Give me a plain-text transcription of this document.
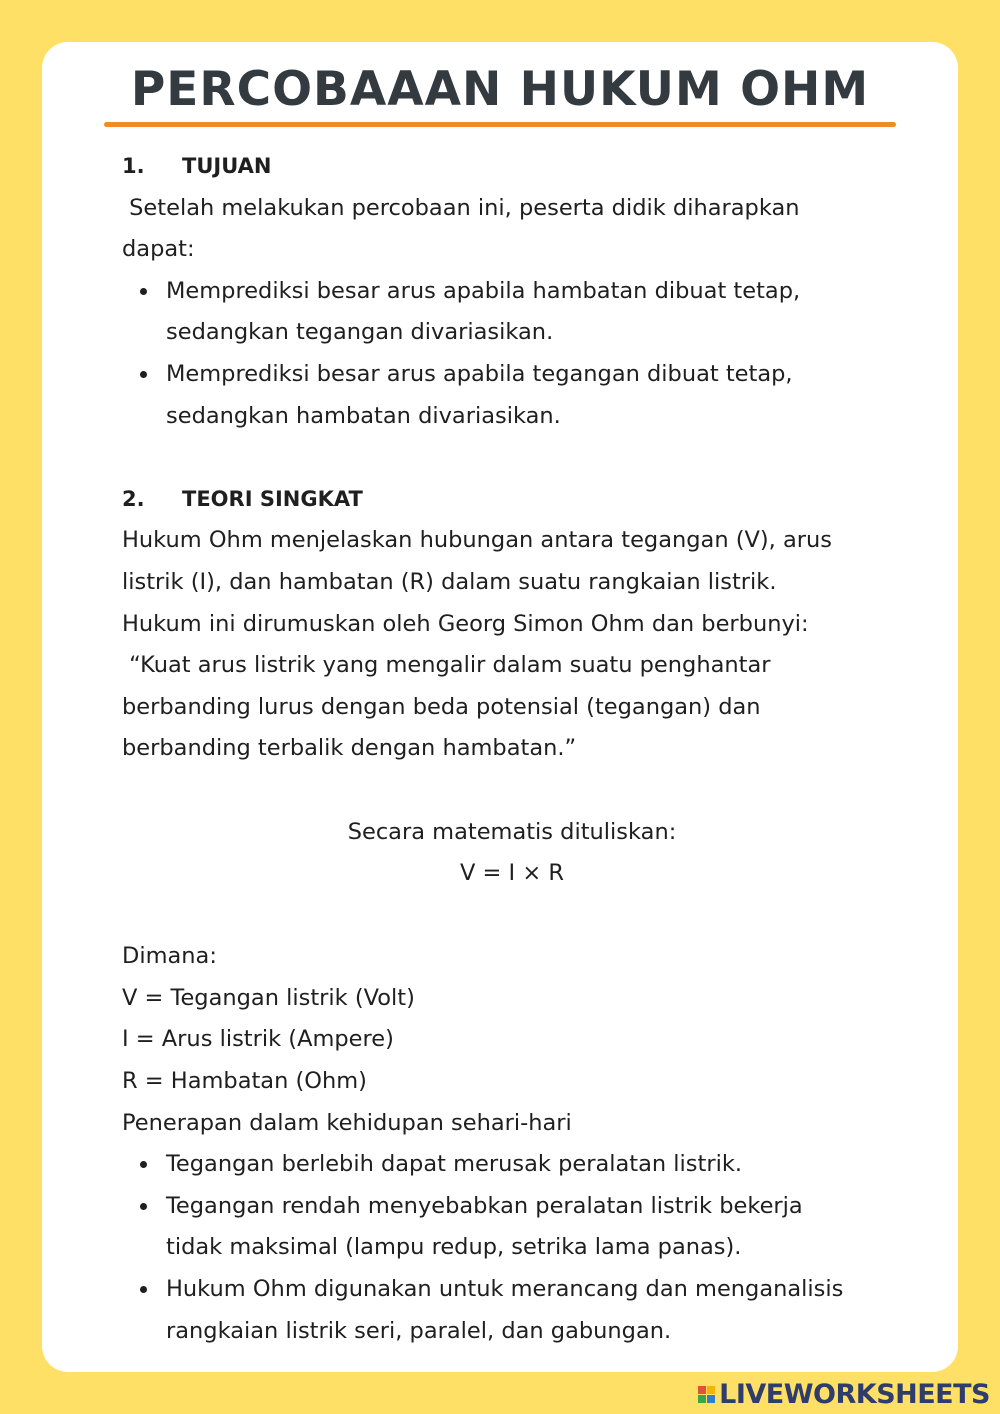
PERCOBAAAN HUKUM OHM
1.	TUJUAN
Setelah melakukan percobaan ini, peserta didik diharapkan
dapat:
Memprediksi besar arus apabila hambatan dibuat tetap,
sedangkan tegangan divariasikan.
Memprediksi besar arus apabila tegangan dibuat tetap,
sedangkan hambatan divariasikan.
2.	TEORI SINGKAT
Hukum Ohm menjelaskan hubungan antara tegangan (V), arus
listrik (I), dan hambatan (R) dalam suatu rangkaian listrik.
Hukum ini dirumuskan oleh Georg Simon Ohm dan berbunyi:
“Kuat arus listrik yang mengalir dalam suatu penghantar
berbanding lurus dengan beda potensial (tegangan) dan
berbanding terbalik dengan hambatan.”
Secara matematis dituliskan:
V = I × R
Dimana:
V = Tegangan listrik (Volt)
I = Arus listrik (Ampere)
R = Hambatan (Ohm)
Penerapan dalam kehidupan sehari-hari
Tegangan berlebih dapat merusak peralatan listrik.
Tegangan rendah menyebabkan peralatan listrik bekerja
tidak maksimal (lampu redup, setrika lama panas).
Hukum Ohm digunakan untuk merancang dan menganalisis
rangkaian listrik seri, paralel, dan gabungan.
LIVEWORKSHEETS
